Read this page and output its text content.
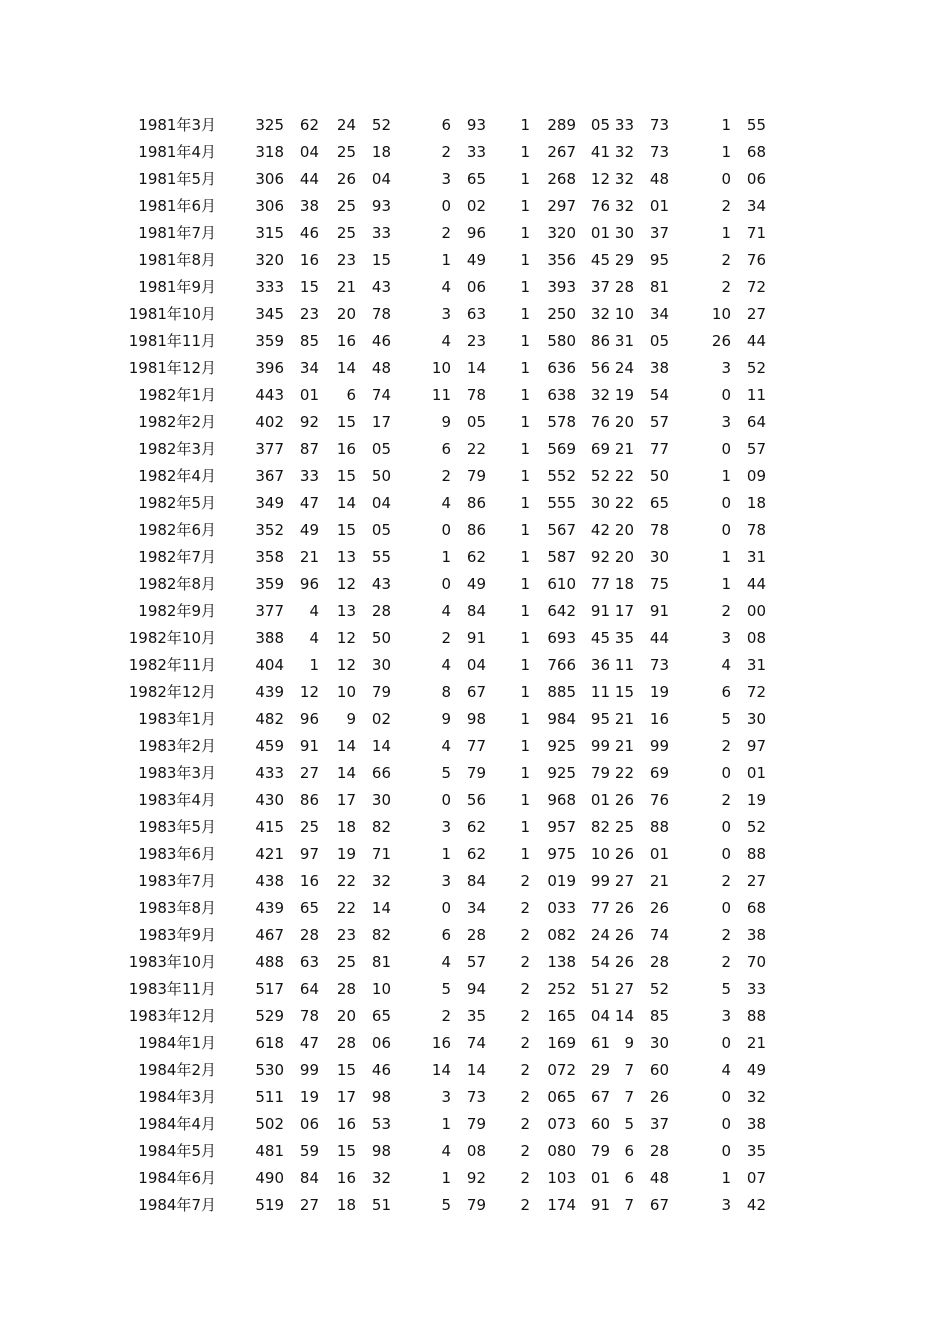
1981年3月	325 62 24 52	6 93 1 289 05 33 73	1 55
1981年4月	318 04 25 18	2 33 1 267 41 32 73	1 68
1981年5月	306 44 26 04	3 65 1 268 12 32 48	0 06
1981年6月	306 38 25 93	0 02 1 297 76 32 01	2 34
1981年7月	315 46 25 33	2 96 1 320 01 30 37	1 71
1981年8月	320 16 23 15	1 49 1 356 45 29 95	2 76
1981年9月	333 15 21 43	4 06 1 393 37 28 81	2 72
1981年10月	345 23 20 78	3 63 1 250 32 10 34	10 27
1981年11月	359 85 16 46	4 23 1 580 86 31 05	26 44
1981年12月	396 34 14 48	10 14 1 636 56 24 38	3 52
1982年1月	443 01 6 74	11 78 1 638 32 19 54	0 11
1982年2月	402 92 15 17	9 05 1 578 76 20 57	3 64
1982年3月	377 87 16 05	6 22 1 569 69 21 77	0 57
1982年4月	367 33 15 50	2 79 1 552 52 22 50	1 09
1982年5月	349 47 14 04	4 86 1 555 30 22 65	0 18
1982年6月	352 49 15 05	0 86 1 567 42 20 78	0 78
1982年7月	358 21 13 55	1 62 1 587 92 20 30	1 31
1982年8月	359 96 12 43	0 49 1 610 77 18 75	1 44
1982年9月	377 4 13 28	4 84 1 642 91 17 91	2 00
1982年10月	388 4 12 50	2 91 1 693 45 35 44	3 08
1982年11月	404 1 12 30	4 04 1 766 36 11 73	4 31
1982年12月	439 12 10 79	8 67 1 885 11 15 19	6 72
1983年1月	482 96 9 02	9 98 1 984 95 21 16	5 30
1983年2月	459 91 14 14	4 77 1 925 99 21 99	2 97
1983年3月	433 27 14 66	5 79 1 925 79 22 69	0 01
1983年4月	430 86 17 30	0 56 1 968 01 26 76	2 19
1983年5月	415 25 18 82	3 62 1 957 82 25 88	0 52
1983年6月	421 97 19 71	1 62 1 975 10 26 01	0 88
1983年7月	438 16 22 32	3 84 2 019 99 27 21	2 27
1983年8月	439 65 22 14	0 34 2 033 77 26 26	0 68
1983年9月	467 28 23 82	6 28 2 082 24 26 74	2 38
1983年10月	488 63 25 81	4 57 2 138 54 26 28	2 70
1983年11月	517 64 28 10	5 94 2 252 51 27 52	5 33
1983年12月	529 78 20 65	2 35 2 165 04 14 85	3 88
1984年1月	618 47 28 06	16 74 2 169 61 9 30	0 21
1984年2月	530 99 15 46	14 14 2 072 29 7 60	4 49
1984年3月	511 19 17 98	3 73 2 065 67 7 26	0 32
1984年4月	502 06 16 53	1 79 2 073 60 5 37	0 38
1984年5月	481 59 15 98	4 08 2 080 79 6 28	0 35
1984年6月	490 84 16 32	1 92 2 103 01 6 48	1 07
1984年7月	519 27 18 51	5 79 2 174 91 7 67	3 42
